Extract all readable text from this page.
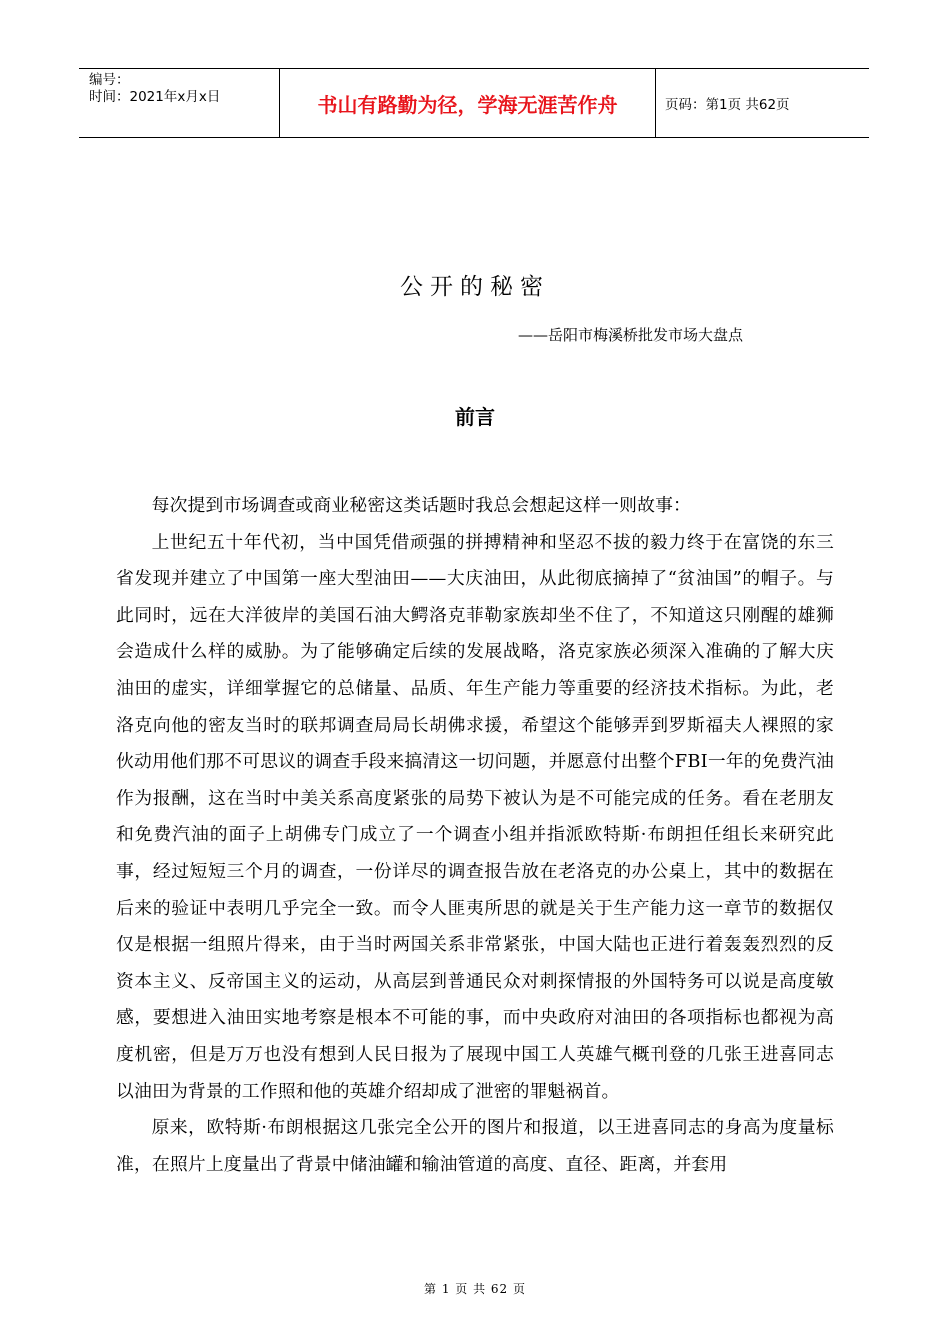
编号：
时间：2021年x月x日	书山有路勤为径，学海无涯苦作舟	页码：第1页 共62页
公开的秘密
——岳阳市梅溪桥批发市场大盘点
前言

每次提到市场调查或商业秘密这类话题时我总会想起这样一则故事：

上世纪五十年代初，当中国凭借顽强的拼搏精神和坚忍不拔的毅力终于在富饶的东三省发现并建立了中国第一座大型油田——大庆油田，从此彻底摘掉了“贫油国”的帽子。与此同时，远在大洋彼岸的美国石油大鳄洛克菲勒家族却坐不住了，不知道这只刚醒的雄狮会造成什么样的威胁。为了能够确定后续的发展战略，洛克家族必须深入准确的了解大庆油田的虚实，详细掌握它的总储量、品质、年生产能力等重要的经济技术指标。为此，老洛克向他的密友当时的联邦调查局局长胡佛求援，希望这个能够弄到罗斯福夫人裸照的家伙动用他们那不可思议的调查手段来搞清这一切问题，并愿意付出整个FBI一年的免费汽油作为报酬，这在当时中美关系高度紧张的局势下被认为是不可能完成的任务。看在老朋友和免费汽油的面子上胡佛专门成立了一个调查小组并指派欧特斯·布朗担任组长来研究此事，经过短短三个月的调查，一份详尽的调查报告放在老洛克的办公桌上，其中的数据在后来的验证中表明几乎完全一致。而令人匪夷所思的就是关于生产能力这一章节的数据仅仅是根据一组照片得来，由于当时两国关系非常紧张，中国大陆也正进行着轰轰烈烈的反资本主义、反帝国主义的运动，从高层到普通民众对刺探情报的外国特务可以说是高度敏感，要想进入油田实地考察是根本不可能的事，而中央政府对油田的各项指标也都视为高度机密，但是万万也没有想到人民日报为了展现中国工人英雄气概刊登的几张王进喜同志以油田为背景的工作照和他的英雄介绍却成了泄密的罪魁祸首。

原来，欧特斯·布朗根据这几张完全公开的图片和报道，以王进喜同志的身高为度量标准，在照片上度量出了背景中储油罐和输油管道的高度、直径、距离，并套用

第 1 页 共 62 页
